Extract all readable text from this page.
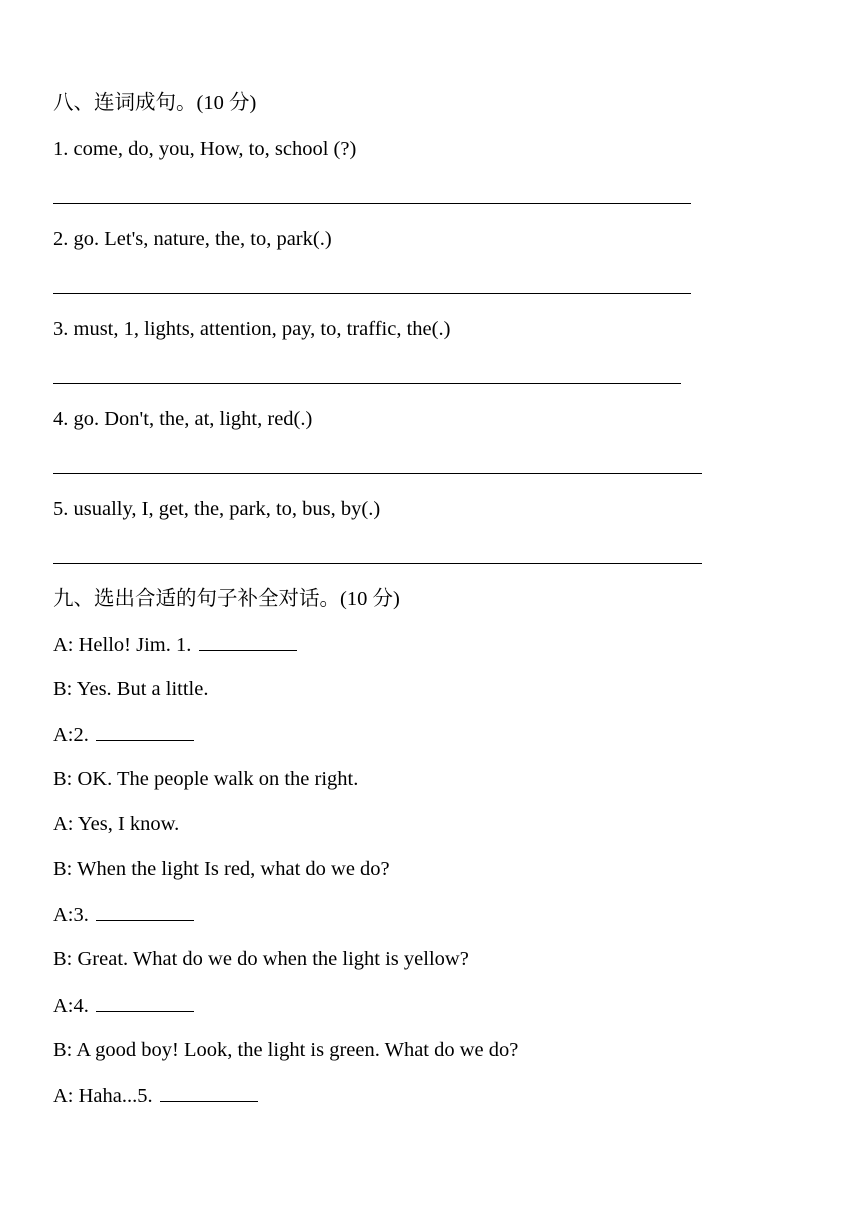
八、连词成句。(10 分)
1. come, do, you, How, to, school (?)
2. go. Let's, nature, the, to, park(.)
3. must, 1, lights, attention, pay, to, traffic, the(.)
4. go. Don't, the, at, light, red(.)
5. usually, I, get, the, park, to, bus, by(.)
九、选出合适的句子补全对话。(10 分)
A: Hello! Jim. 1.
B: Yes. But a little.
A:2.
B: OK. The people walk on the right.
A: Yes, I know.
B: When the light Is red, what do we do?
A:3.
B: Great. What do we do when the light is yellow?
A:4.
B: A good boy! Look, the light is green. What do we do?
A: Haha...5.
